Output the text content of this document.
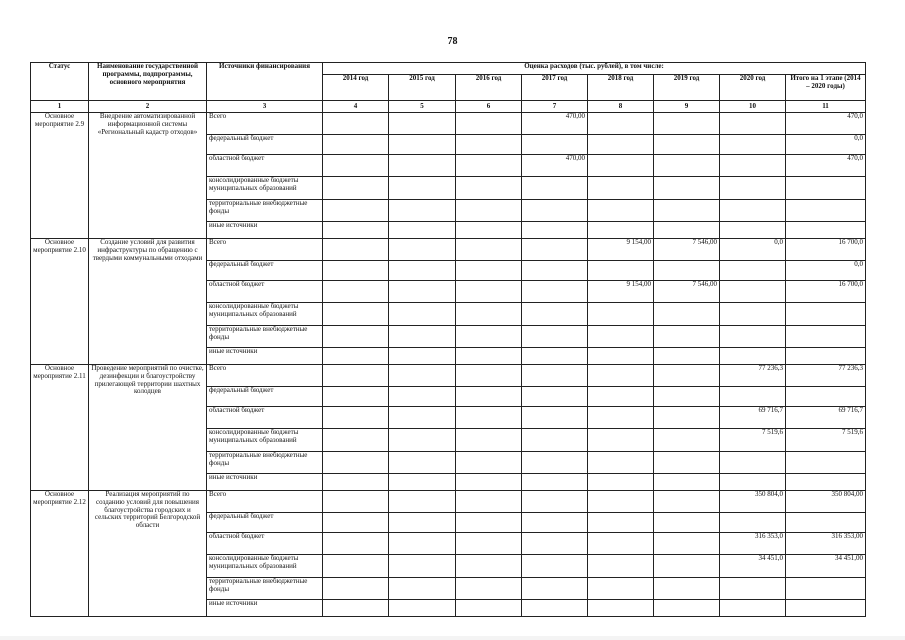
78
Статус	Наименование государственной программы, подпрограммы, основного мероприятия	Источники финансирования	Оценка расходов (тыс. рублей), в том числе:							
			2014 год	2015 год	2016 год	2017 год	2018 год	2019 год	2020 год	Итого на 1 этапе (2014 – 2020 годы)
1	2	3	4	5	6	7	8	9	10	11
Основное мероприятие 2.9	Внедрение автоматизированной информационной системы «Региональный кадастр отходов»	Всего				470,00				470,0
		федеральный бюджет								0,0
		областной бюджет				470,00				470,0
		консолидированные бюджеты муниципальных образований								
		территориальные внебюджетные фонды								
		иные источники								
Основное мероприятие 2.10	Создание условий для развития инфраструктуры по обращению с твердыми коммунальными отходами	Всего					9 154,00	7 546,00	0,0	16 700,0
		федеральный бюджет								0,0
		областной бюджет					9 154,00	7 546,00		16 700,0
		консолидированные бюджеты муниципальных образований								
		территориальные внебюджетные фонды								
		иные источники								
Основное мероприятие 2.11	Проведение мероприятий по очистке, дезинфекции и благоустройству прилегающей территории шахтных колодцев	Всего							77 236,3	77 236,3
		федеральный бюджет								
		областной бюджет							69 716,7	69 716,7
		консолидированные бюджеты муниципальных образований							7 519,6	7 519,6
		территориальные внебюджетные фонды								
		иные источники								
Основное мероприятие 2.12	Реализация мероприятий по созданию условий для повышения благоустройства городских и сельских территорий Белгородской области	Всего							350 804,0	350 804,00
		федеральный бюджет								
		областной бюджет							316 353,0	316 353,00
		консолидированные бюджеты муниципальных образований							34 451,0	34 451,00
		территориальные внебюджетные фонды								
		иные источники								
